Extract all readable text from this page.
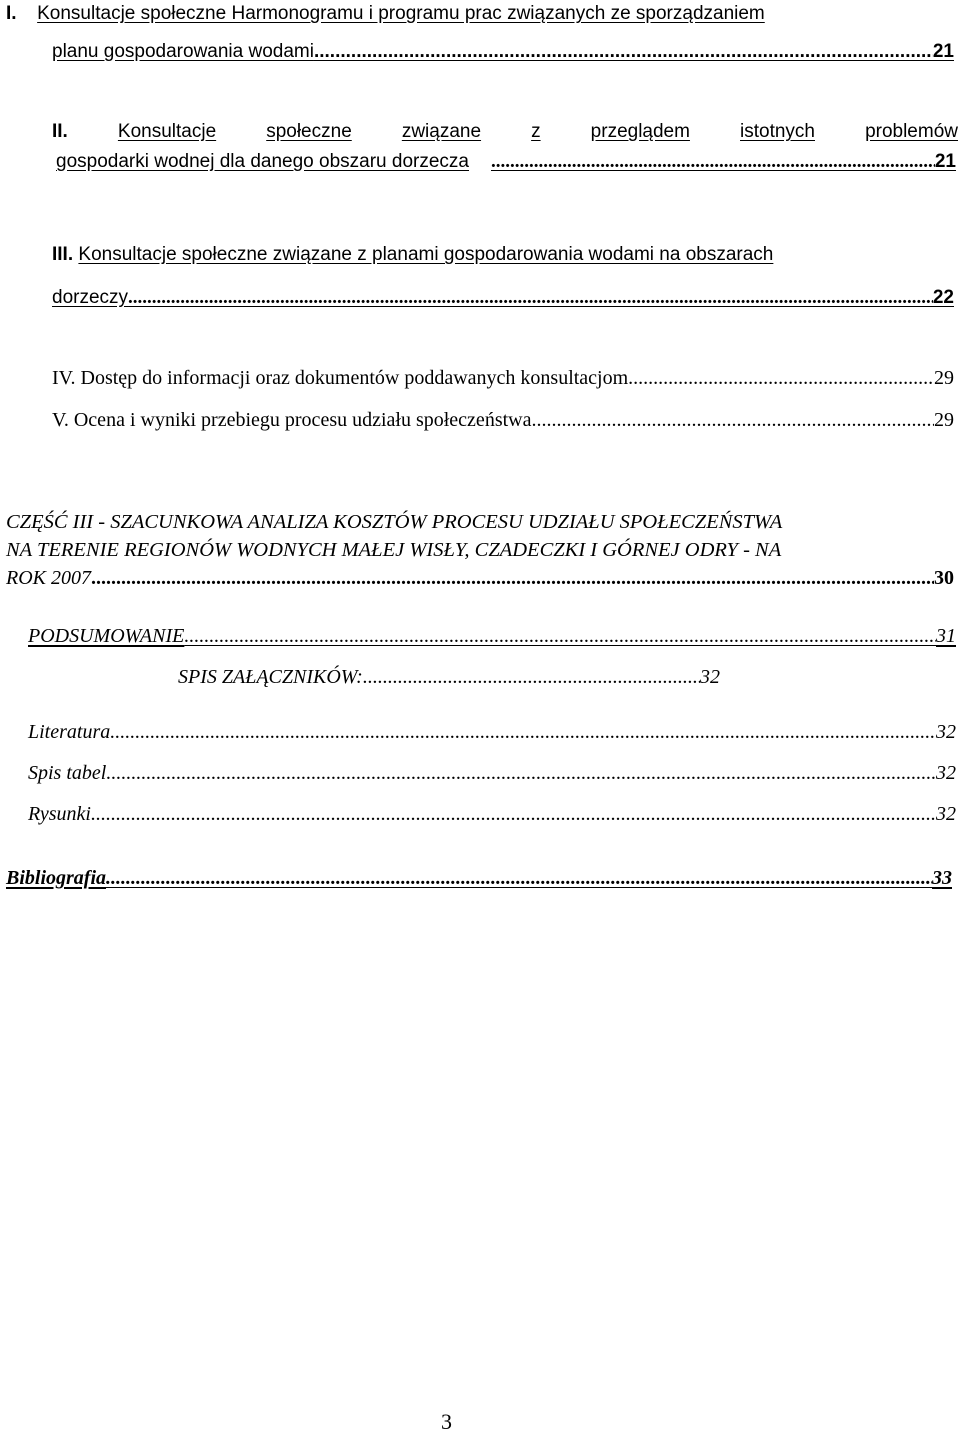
I. Konsultacje społeczne Harmonogramu i programu prac związanych ze sporządzaniem
planu gospodarowania wodami .....	21
II.	Konsultacje	społeczne	związane	z	przeglądem	istotnych	problemów
gospodarki wodnej dla danego obszaru dorzecza .....	21
III. Konsultacje społeczne związane z planami gospodarowania wodami na obszarach
dorzeczy .....	22
IV. Dostęp do informacji oraz dokumentów poddawanych konsultacjom .....	29
V. Ocena i wyniki przebiegu procesu udziału społeczeństwa .....	29
CZĘŚĆ III - SZACUNKOWA ANALIZA KOSZTÓW PROCESU UDZIAŁU SPOŁECZEŃSTWA
NA TERENIE REGIONÓW WODNYCH MAŁEJ WISŁY, CZADECZKI I GÓRNEJ ODRY - NA
ROK 2007 .....	30
PODSUMOWANIE .....	31
SPIS ZAŁĄCZNIKÓW: .....	32
Literatura .....	32
Spis tabel.. .....	32
Rysunki .....	32
Bibliografia .....	33
3
